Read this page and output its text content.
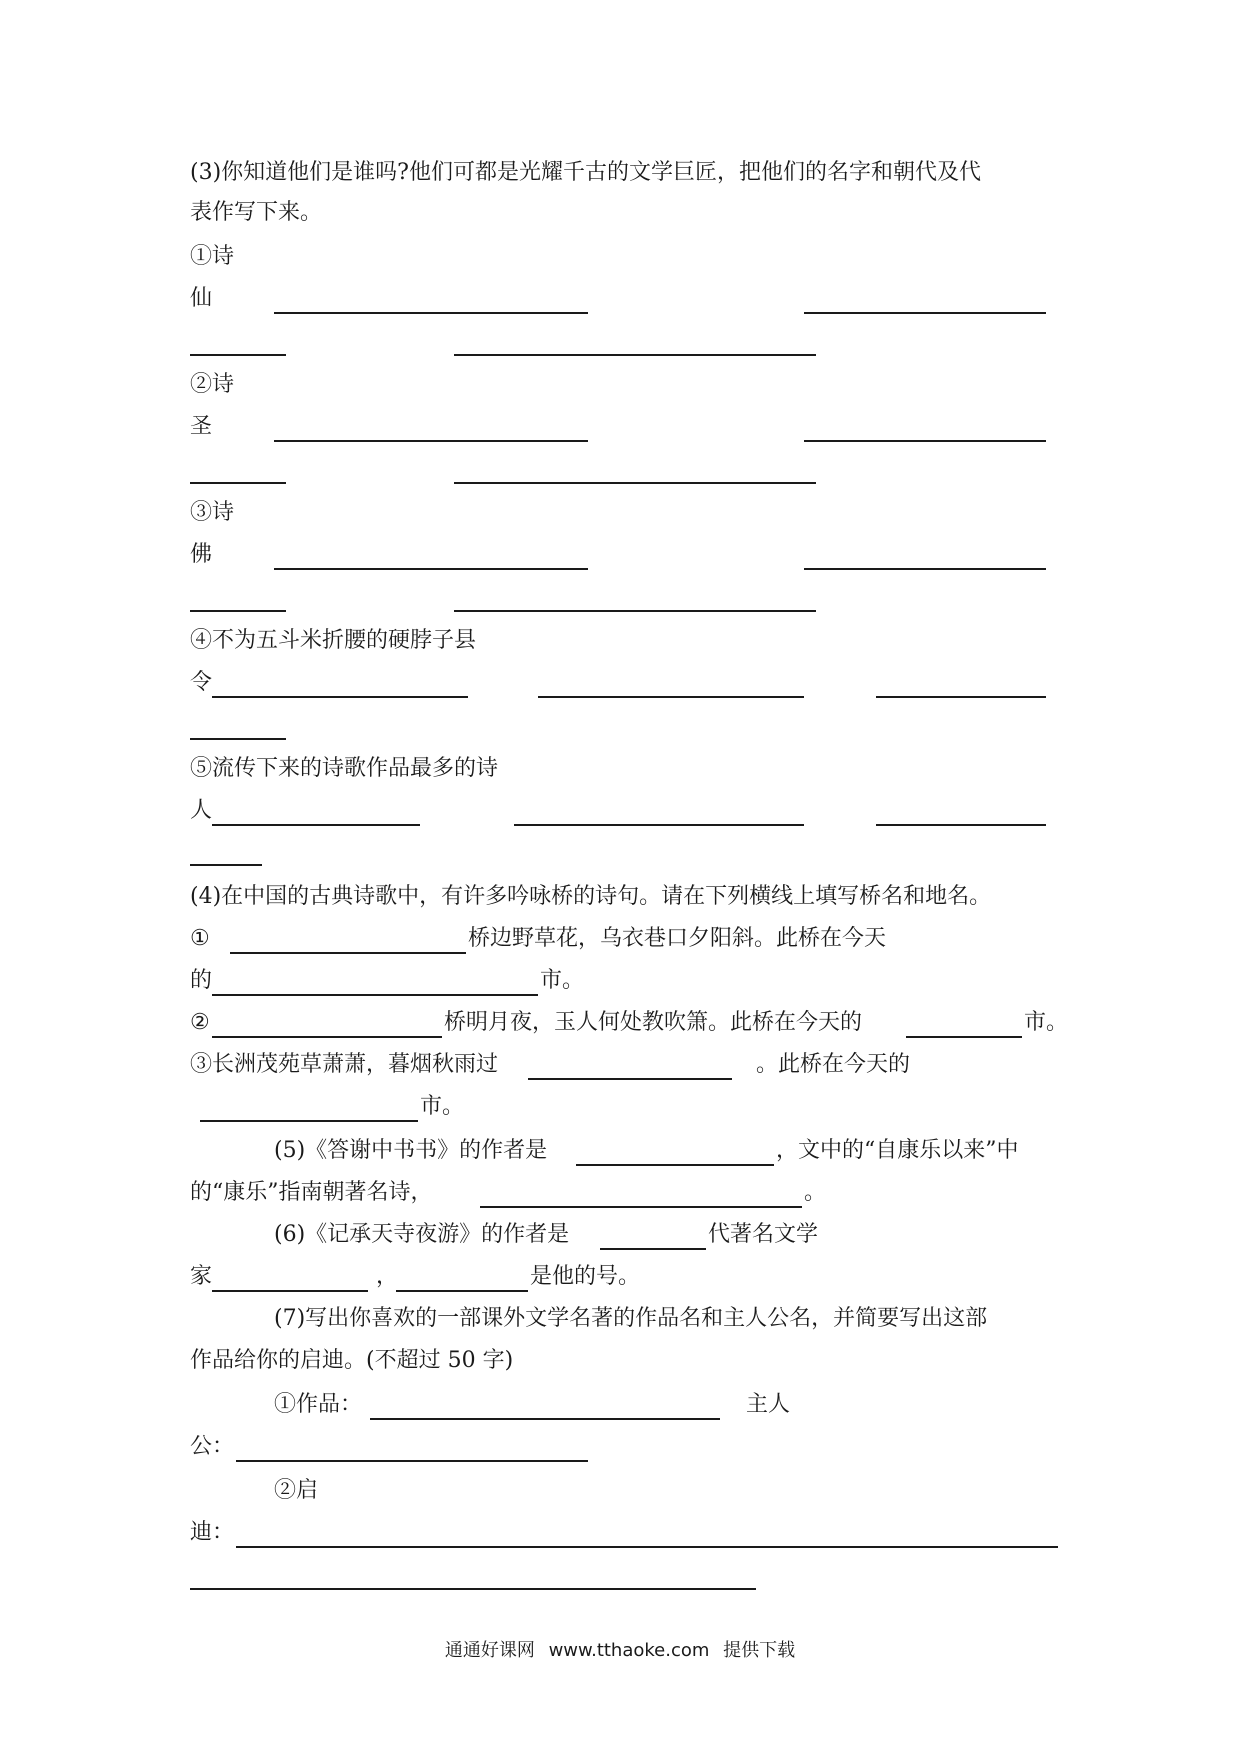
(3)你知道他们是谁吗?他们可都是光耀千古的文学巨匠，把他们的名字和朝代及代
表作写下来。
①诗
仙
②诗
圣
③诗
佛
④不为五斗米折腰的硬脖子县
令
⑤流传下来的诗歌作品最多的诗
人
(4)在中国的古典诗歌中，有许多吟咏桥的诗句。请在下列横线上填写桥名和地名。
①	桥边野草花，乌衣巷口夕阳斜。此桥在今天
的	市。
②	桥明月夜，玉人何处教吹箫。此桥在今天的	市。
③长洲茂苑草萧萧，暮烟秋雨过	。此桥在今天的
市。
(5)《答谢中书书》的作者是	，文中的“自康乐以来”中
的“康乐”指南朝著名诗，	。
(6)《记承天寺夜游》的作者是	代著名文学
家	，	是他的号。
(7)写出你喜欢的一部课外文学名著的作品名和主人公名，并简要写出这部
作品给你的启迪。(不超过 50 字)
①作品：	主人
公：
②启
迪：
通通好课网 www.tthaoke.com 提供下载
